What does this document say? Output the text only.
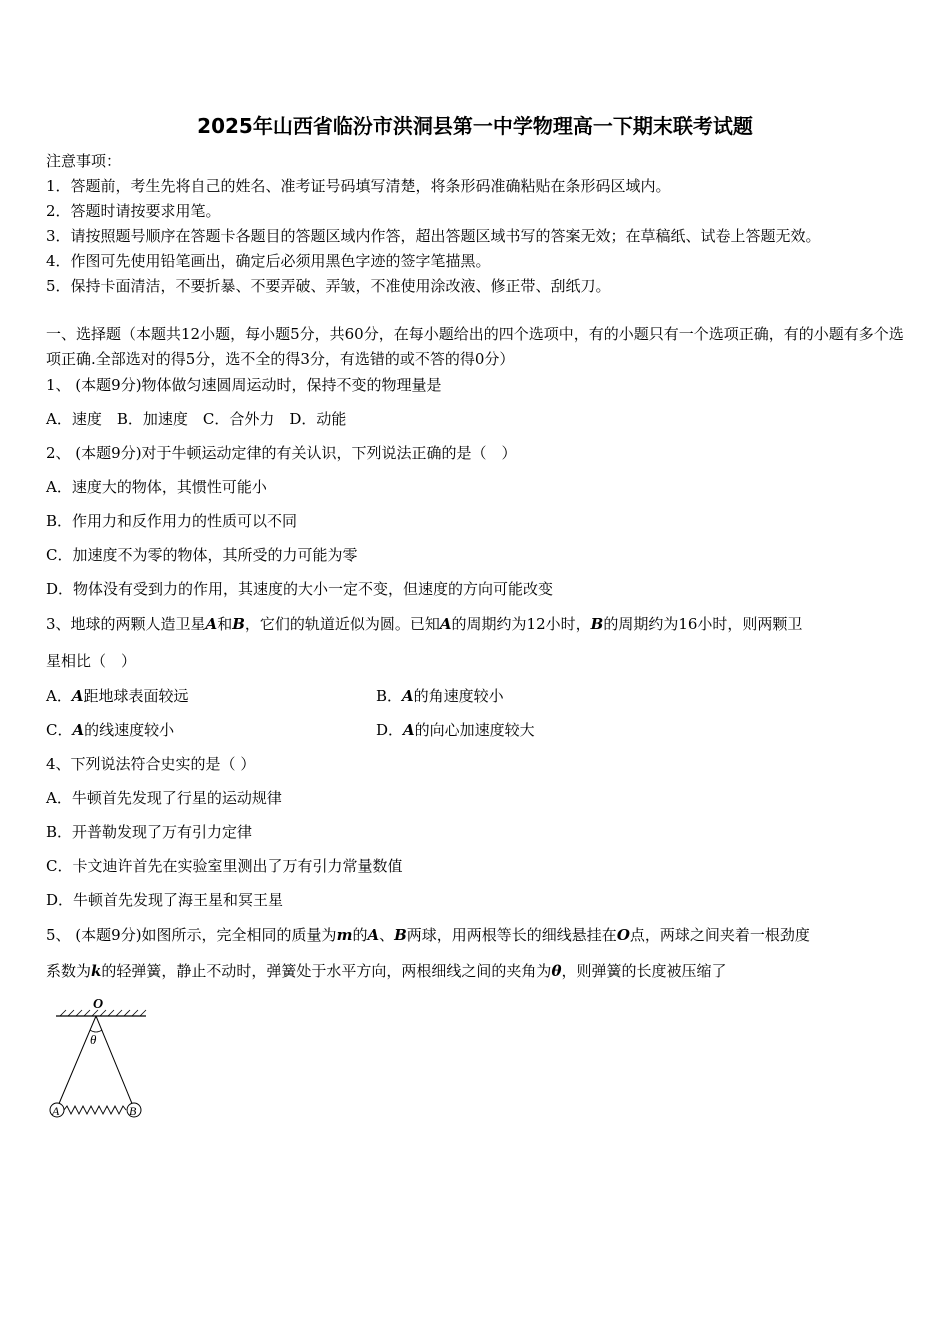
2025年山西省临汾市洪洞县第一中学物理高一下期末联考试题
注意事项：
1．答题前，考生先将自己的姓名、准考证号码填写清楚，将条形码准确粘贴在条形码区域内。
2．答题时请按要求用笔。
3．请按照题号顺序在答题卡各题目的答题区域内作答，超出答题区域书写的答案无效；在草稿纸、试卷上答题无效。
4．作图可先使用铅笔画出，确定后必须用黑色字迹的签字笔描黑。
5．保持卡面清洁，不要折暴、不要弄破、弄皱，不准使用涂改液、修正带、刮纸刀。
一、选择题（本题共12小题，每小题5分，共60分，在每小题给出的四个选项中，有的小题只有一个选项正确，有的小题有多个选项正确.全部选对的得5分，选不全的得3分，有选错的或不答的得0分）
1、 (本题9分)物体做匀速圆周运动时，保持不变的物理量是
A．速度　B．加速度　C．合外力　D．动能
2、 (本题9分)对于牛顿运动定律的有关认识，下列说法正确的是（　）
A．速度大的物体，其惯性可能小
B．作用力和反作用力的性质可以不同
C．加速度不为零的物体，其所受的力可能为零
D．物体没有受到力的作用，其速度的大小一定不变，但速度的方向可能改变
3、地球的两颗人造卫星A和B，它们的轨道近似为圆。已知A的周期约为12小时，B的周期约为16小时，则两颗卫
星相比（　）
A．A距地球表面较远	B．A的角速度较小
C．A的线速度较小	D．A的向心加速度较大
4、下列说法符合史实的是（ ）
A．牛顿首先发现了行星的运动规律
B．开普勒发现了万有引力定律
C．卡文迪许首先在实验室里测出了万有引力常量数值
D．牛顿首先发现了海王星和冥王星
5、 (本题9分)如图所示，完全相同的质量为m的A、B两球，用两根等长的细线悬挂在O点，两球之间夹着一根劲度
系数为k的轻弹簧，静止不动时，弹簧处于水平方向，两根细线之间的夹角为θ，则弹簧的长度被压缩了
O
θ
A	B
